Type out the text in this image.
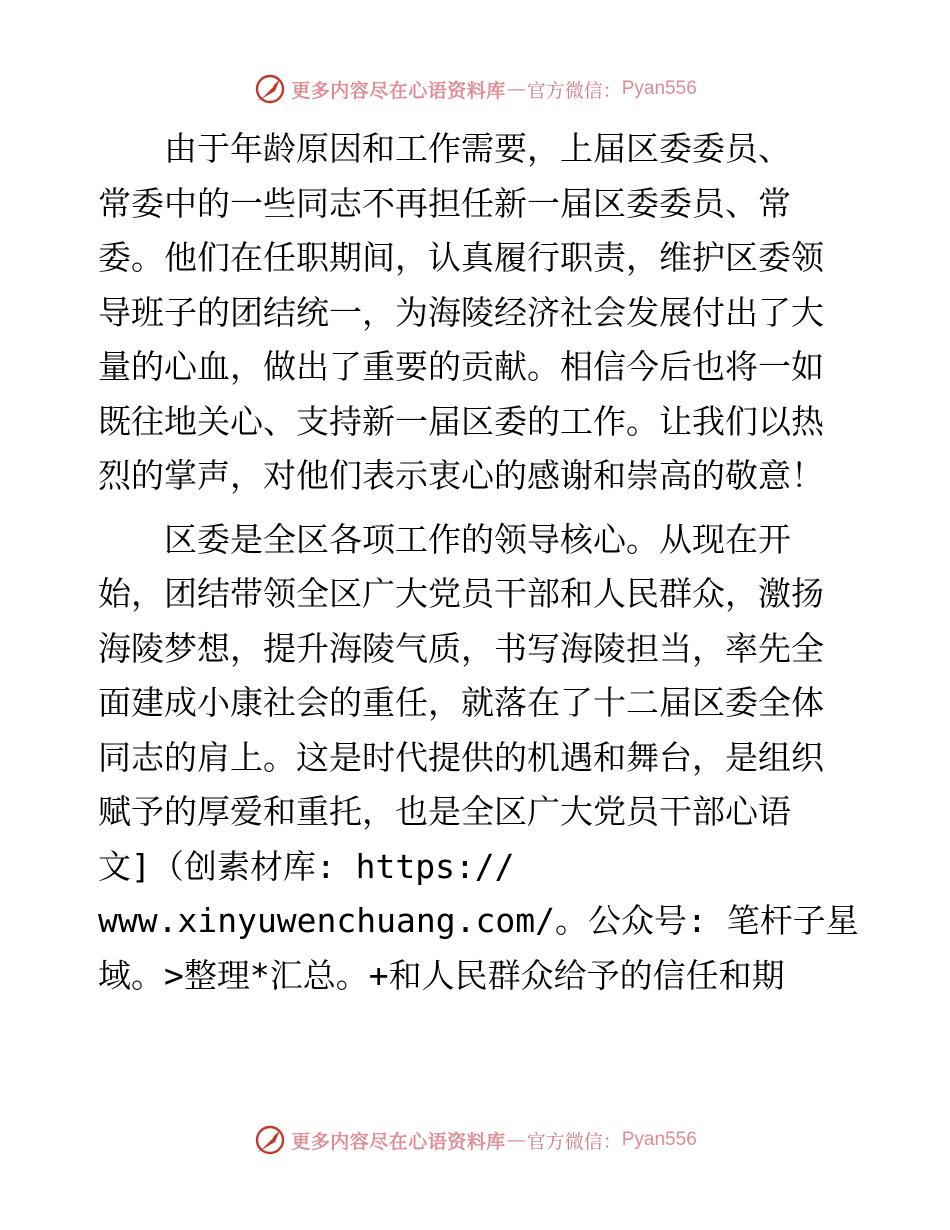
更多内容尽在心语资料库 — 官方微信： Pyan556
由于年龄原因和工作需要，上届区委委员、
常委中的一些同志不再担任新一届区委委员、常
委。他们在任职期间，认真履行职责，维护区委领
导班子的团结统一，为海陵经济社会发展付出了大
量的心血，做出了重要的贡献。相信今后也将一如
既往地关心、支持新一届区委的工作。让我们以热
烈的掌声，对他们表示衷心的感谢和崇高的敬意！
区委是全区各项工作的领导核心。从现在开
始，团结带领全区广大党员干部和人民群众，激扬
海陵梦想，提升海陵气质，书写海陵担当，率先全
面建成小康社会的重任，就落在了十二届区委全体
同志的肩上。这是时代提供的机遇和舞台，是组织
赋予的厚爱和重托，也是全区广大党员干部心语
文]（创素材库: https://
www.xinyuwenchuang.com/。公众号: 笔杆子星
域。>整理*汇总。+和人民群众给予的信任和期
更多内容尽在心语资料库 — 官方微信： Pyan556
